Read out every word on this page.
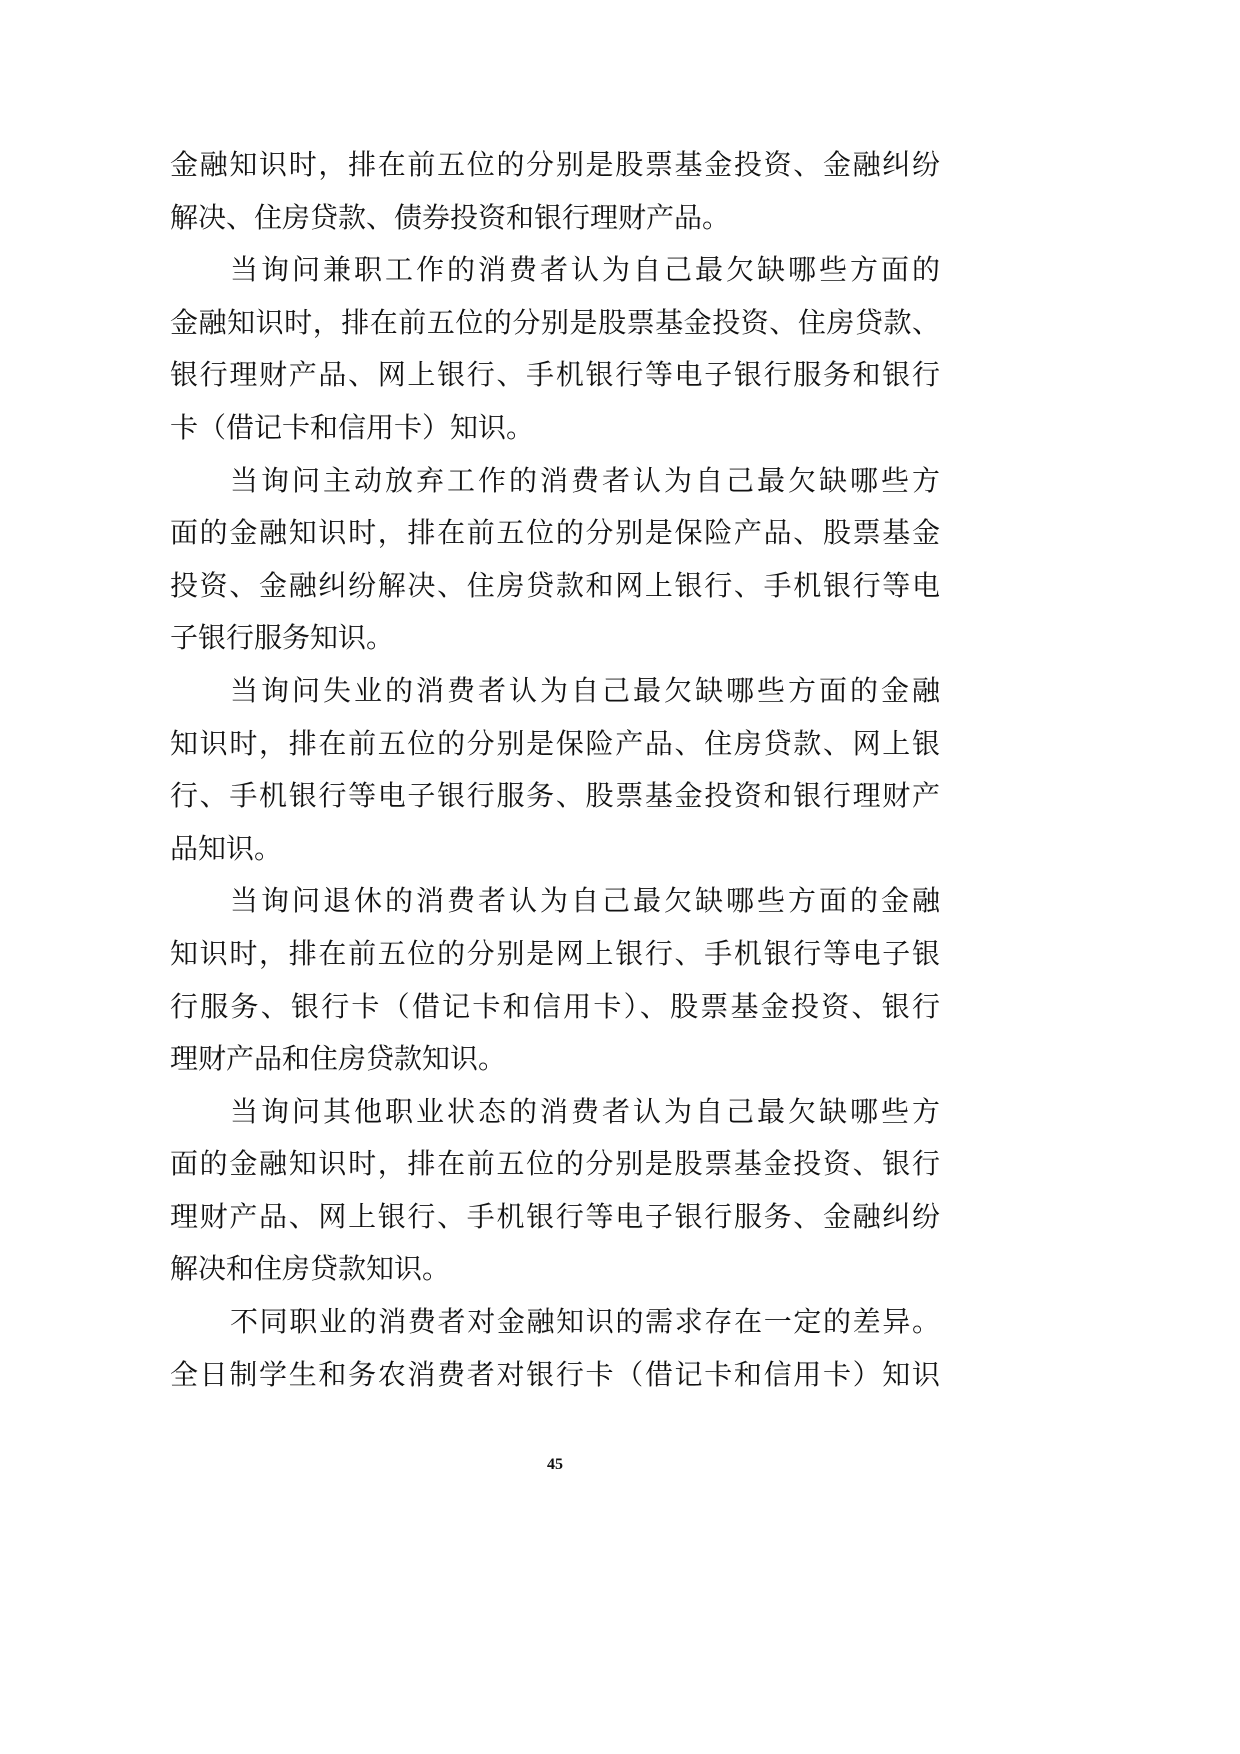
金融知识时，排在前五位的分别是股票基金投资、金融纠纷
解决、住房贷款、债券投资和银行理财产品。
当询问兼职工作的消费者认为自己最欠缺哪些方面的
金融知识时，排在前五位的分别是股票基金投资、住房贷款、
银行理财产品、网上银行、手机银行等电子银行服务和银行
卡（借记卡和信用卡）知识。
当询问主动放弃工作的消费者认为自己最欠缺哪些方
面的金融知识时，排在前五位的分别是保险产品、股票基金
投资、金融纠纷解决、住房贷款和网上银行、手机银行等电
子银行服务知识。
当询问失业的消费者认为自己最欠缺哪些方面的金融
知识时，排在前五位的分别是保险产品、住房贷款、网上银
行、手机银行等电子银行服务、股票基金投资和银行理财产
品知识。
当询问退休的消费者认为自己最欠缺哪些方面的金融
知识时，排在前五位的分别是网上银行、手机银行等电子银
行服务、银行卡（借记卡和信用卡）、股票基金投资、银行
理财产品和住房贷款知识。
当询问其他职业状态的消费者认为自己最欠缺哪些方
面的金融知识时，排在前五位的分别是股票基金投资、银行
理财产品、网上银行、手机银行等电子银行服务、金融纠纷
解决和住房贷款知识。
不同职业的消费者对金融知识的需求存在一定的差异。
全日制学生和务农消费者对银行卡（借记卡和信用卡）知识
45
